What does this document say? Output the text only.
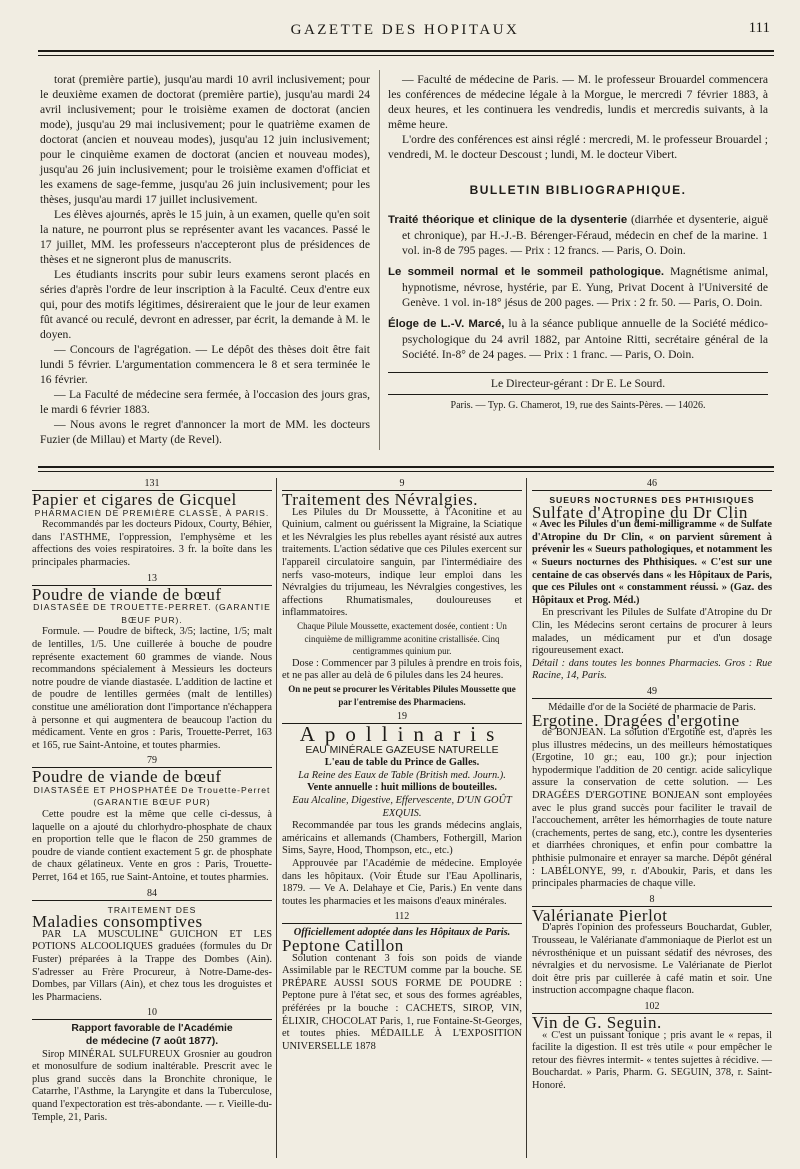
GAZETTE DES HOPITAUX	111

torat (première partie), jusqu'au mardi 10 avril inclusivement; pour le deuxième examen de doctorat (première partie), jusqu'au mardi 24 avril inclusivement; pour le troisième examen de doctorat (ancien mode), jusqu'au 29 mai inclusivement; pour le quatrième examen de doctorat (ancien et nouveau modes), jusqu'au 12 juin inclusivement; pour le cinquième examen de doctorat (ancien et nouveau modes), jusqu'au 26 juin inclusivement; pour le troisième examen d'officiat et les examens de sage-femme, jusqu'au 26 juin inclusivement; pour les thèses, jusqu'au mardi 17 juillet inclusivement.

Les élèves ajournés, après le 15 juin, à un examen, quelle qu'en soit la nature, ne pourront plus se représenter avant les vacances. Passé le 17 juillet, MM. les professeurs n'accepteront plus de présidences de thèses et ne signeront plus de manuscrits.

Les étudiants inscrits pour subir leurs examens seront placés en séries d'après l'ordre de leur inscription à la Faculté. Ceux d'entre eux qui, pour des motifs légitimes, désireraient que le jour de leur examen fût avancé ou reculé, devront en adresser, par écrit, la demande à M. le doyen.

— Concours de l'agrégation. — Le dépôt des thèses doit être fait lundi 5 février. L'argumentation commencera le 8 et sera terminée le 16 février.

— La Faculté de médecine sera fermée, à l'occasion des jours gras, le mardi 6 février 1883.

— Nous avons le regret d'annoncer la mort de MM. les docteurs Fuzier (de Millau) et Marty (de Revel).

— Faculté de médecine de Paris. — M. le professeur Brouardel commencera les conférences de médecine légale à la Morgue, le mercredi 7 février 1883, à deux heures, et les continuera les vendredis, lundis et mercredis suivants, à la même heure.

L'ordre des conférences est ainsi réglé : mercredi, M. le professeur Brouardel ; vendredi, M. le docteur Descoust ; lundi, M. le docteur Vibert.

BULLETIN BIBLIOGRAPHIQUE.
Traité théorique et clinique de la dysenterie (diarrhée et dysenterie, aiguë et chronique), par H.-J.-B. Bérenger-Féraud, médecin en chef de la marine. 1 vol. in-8 de 795 pages. — Prix : 12 francs. — Paris, O. Doin.
Le sommeil normal et le sommeil pathologique. Magnétisme animal, hypnotisme, névrose, hystérie, par E. Yung, Privat Docent à l'Université de Genève. 1 vol. in-18° jésus de 200 pages. — Prix : 2 fr. 50. — Paris, O. Doin.
Éloge de L.-V. Marcé, lu à la séance publique annuelle de la Société médico-psychologique du 24 avril 1882, par Antoine Ritti, secrétaire général de la Société. In-8° de 24 pages. — Prix : 1 franc. — Paris, O. Doin.
Le Directeur-gérant : Dr E. Le Sourd.
Paris. — Typ. G. Chamerot, 19, rue des Saints-Pères. — 14026.
131
Papier et cigares de Gicquel
PHARMACIEN DE PREMIÈRE CLASSE, À PARIS.

Recommandés par les docteurs Pidoux, Courty, Béhier, dans l'ASTHME, l'oppression, l'emphysème et les affections des voies respiratoires. 3 fr. la boîte dans les principales pharmacies.

13
Poudre de viande de bœuf
DIASTASÉE DE TROUETTE-PERRET. (GARANTIE BŒUF PUR).

Formule. — Poudre de bifteck, 3/5; lactine, 1/5; malt de lentilles, 1/5. Une cuillerée à bouche de poudre représente exactement 60 grammes de viande. Nous recommandons spécialement à Messieurs les docteurs notre poudre de viande diastasée. L'addition de lactine et de poudre de lentilles germées (malt de lentilles) constitue une amélioration dont l'importance n'échappera à personne et qui augmentera de beaucoup l'action du médicament. Vente en gros : Paris, Trouette-Perret, 163 et 165, rue Saint-Antoine, et toutes pharmies.

79
Poudre de viande de bœuf
DIASTASÉE ET PHOSPHATÉE De Trouette-Perret (GARANTIE BŒUF PUR)

Cette poudre est la même que celle ci-dessus, à laquelle on a ajouté du chlorhydro-phosphate de chaux en proportion telle que le flacon de 250 grammes de poudre de viande contient exactement 5 gr. de phosphate de chaux gélatineux. Vente en gros : Paris, Trouette-Perret, 164 et 165, rue Saint-Antoine, et toutes pharmies.

84
TRAITEMENT DES
Maladies consomptives

PAR LA MUSCULINE GUICHON ET LES POTIONS ALCOOLIQUES graduées (formules du Dr Fuster) préparées à la Trappe des Dombes (Ain). S'adresser au Frère Procureur, à Notre-Dame-des-Dombes, par Villars (Ain), et chez tous les droguistes et les Pharmaciens.

10
Rapport favorable de l'Académie
de médecine (7 août 1877).

Sirop MINÉRAL SULFUREUX Grosnier au goudron et monosulfure de sodium inaltérable. Prescrit avec le plus grand succès dans la Bronchite chronique, le Catarrhe, l'Asthme, la Laryngite et dans la Tuberculose, quand l'expectoration est très-abondante. — r. Vieille-du-Temple, 21, Paris.

9
Traitement des Névralgies.

Les Pilules du Dr Moussette, à l'Aconitine et au Quinium, calment ou guérissent la Migraine, la Sciatique et les Névralgies les plus rebelles ayant résisté aux autres traitements. L'action sédative que ces Pilules exercent sur l'appareil circulatoire sanguin, par l'intermédiaire des nerfs vaso-moteurs, indique leur emploi dans les Névralgies du trijumeau, les Névralgies congestives, les affections Rhumatismales, douloureuses et inflammatoires.

Chaque Pilule Moussette, exactement dosée, contient : Un cinquième de milligramme aconitine cristallisée. Cinq centigrammes quinium pur.

Dose : Commencer par 3 pilules à prendre en trois fois, et ne pas aller au delà de 6 pilules dans les 24 heures.

On ne peut se procurer les Véritables Pilules Moussette que par l'entremise des Pharmaciens.

19
Apollinaris

EAU MINÉRALE GAZEUSE NATURELLE

L'eau de table du Prince de Galles.

La Reine des Eaux de Table (British med. Journ.).

Vente annuelle : huit millions de bouteilles.

Eau Alcaline, Digestive, Effervescente, D'UN GOÛT EXQUIS.

Recommandée par tous les grands médecins anglais, américains et allemands (Chambers, Fothergill, Marion Sims, Sayre, Hood, Thompson, etc., etc.)

Approuvée par l'Académie de médecine. Employée dans les hôpitaux. (Voir Étude sur l'Eau Apollinaris, 1879. — Ve A. Delahaye et Cie, Paris.) En vente dans toutes les pharmacies et les maisons d'eaux minérales.

112

Officiellement adoptée dans les Hôpitaux de Paris.

Peptone Catillon

Solution contenant 3 fois son poids de viande Assimilable par le RECTUM comme par la bouche. SE PRÉPARE AUSSI SOUS FORME DE POUDRE : Peptone pure à l'état sec, et sous des formes agréables, préférées pr la bouche : CACHETS, SIROP, VIN, ÉLIXIR, CHOCOLAT Paris, 1, rue Fontaine-St-Georges, et toutes phies. MÉDAILLE À L'EXPOSITION UNIVERSELLE 1878

46
SUEURS NOCTURNES DES PHTHISIQUES
Sulfate d'Atropine du Dr Clin

« Avec les Pilules d'un demi-milligramme « de Sulfate d'Atropine du Dr Clin, « on parvient sûrement à prévenir les « Sueurs pathologiques, et notamment les « Sueurs nocturnes des Phthisiques. « C'est sur une centaine de cas observés dans « les Hôpitaux de Paris, que ces Pilules ont « constamment réussi. » (Gaz. des Hôpitaux et Prog. Méd.)

En prescrivant les Pilules de Sulfate d'Atropine du Dr Clin, les Médecins seront certains de procurer à leurs malades, un médicament pur et d'un dosage rigoureusement exact.

Détail : dans toutes les bonnes Pharmacies. Gros : Rue Racine, 14, Paris.

49

Médaille d'or de la Société de pharmacie de Paris.

Ergotine. Dragées d'ergotine

de BONJEAN. La solution d'Ergotine est, d'après les plus illustres médecins, un des meilleurs hémostatiques (Ergotine, 10 gr.; eau, 100 gr.); pour injection hypodermique l'addition de 20 centigr. acide salicylique assure la conservation de cette solution. — Les DRAGÉES D'ERGOTINE BONJEAN sont employées avec le plus grand succès pour faciliter le travail de l'accouchement, arrêter les hémorrhagies de toute nature (crachements, pertes de sang, etc.), contre les dysenteries et diarrhées chroniques, et enfin pour combattre la phthisie pulmonaire et enrayer sa marche. Dépôt général : LABÉLONYE, 99, r. d'Aboukir, Paris, et dans les principales pharmacies de chaque ville.

8
Valérianate Pierlot

D'après l'opinion des professeurs Bouchardat, Gubler, Trousseau, le Valérianate d'ammoniaque de Pierlot est un névrosthénique et un puissant sédatif des névroses, des névralgies et du nervosisme. Le Valérianate de Pierlot doit être pris par cuillerée à café matin et soir. Une instruction accompagne chaque flacon.

102
Vin de G. Seguin.

« C'est un puissant tonique ; pris avant le « repas, il facilite la digestion. Il est très utile « pour empêcher le retour des fièvres intermit- « tentes sujettes à récidive. — Bouchardat. » Paris, Pharm. G. SEGUIN, 378, r. Saint-Honoré.
